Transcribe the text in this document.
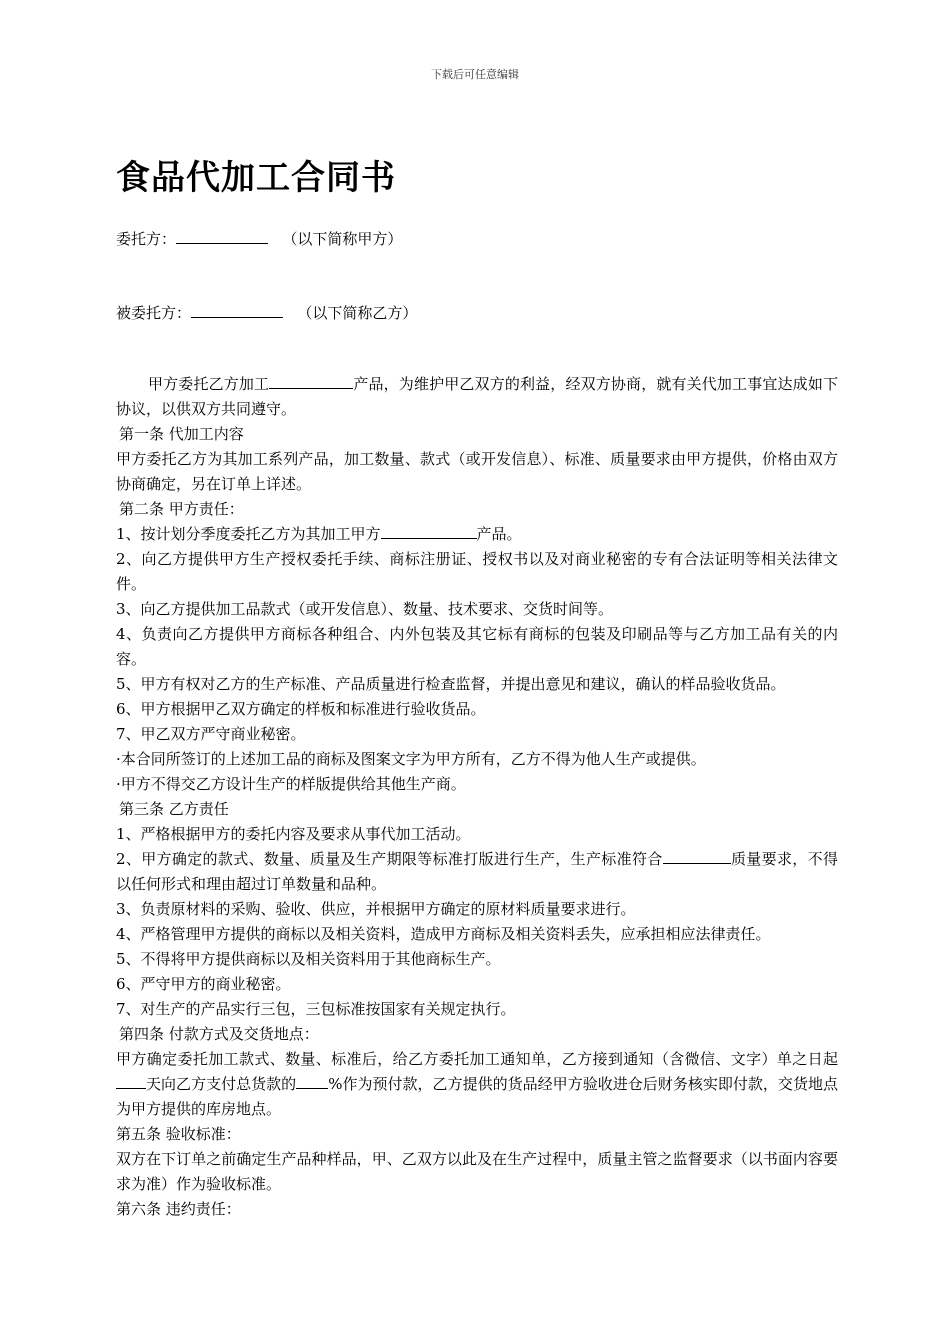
下载后可任意编辑
食品代加工合同书
委托方：	（以下简称甲方）
被委托方：	（以下简称乙方）

甲方委托乙方加工	产品，为维护甲乙双方的利益，经双方协商，就有关代加工事宜达成如下协议，以供双方共同遵守。

第一条 代加工内容

甲方委托乙方为其加工系列产品，加工数量、款式（或开发信息）、标准、质量要求由甲方提供，价格由双方协商确定，另在订单上详述。

第二条 甲方责任：

1、按计划分季度委托乙方为其加工甲方	产品。

2、向乙方提供甲方生产授权委托手续、商标注册证、授权书以及对商业秘密的专有合法证明等相关法律文件。

3、向乙方提供加工品款式（或开发信息）、数量、技术要求、交货时间等。

4、负责向乙方提供甲方商标各种组合、内外包装及其它标有商标的包装及印刷品等与乙方加工品有关的内容。

5、甲方有权对乙方的生产标准、产品质量进行检查监督，并提出意见和建议，确认的样品验收货品。

6、甲方根据甲乙双方确定的样板和标准进行验收货品。

7、甲乙双方严守商业秘密。

·本合同所签订的上述加工品的商标及图案文字为甲方所有，乙方不得为他人生产或提供。

·甲方不得交乙方设计生产的样版提供给其他生产商。

第三条 乙方责任

1、严格根据甲方的委托内容及要求从事代加工活动。

2、甲方确定的款式、数量、质量及生产期限等标准打版进行生产，生产标准符合	质量要求，不得以任何形式和理由超过订单数量和品种。

3、负责原材料的采购、验收、供应，并根据甲方确定的原材料质量要求进行。

4、严格管理甲方提供的商标以及相关资料，造成甲方商标及相关资料丢失，应承担相应法律责任。

5、不得将甲方提供商标以及相关资料用于其他商标生产。

6、严守甲方的商业秘密。

7、对生产的产品实行三包，三包标准按国家有关规定执行。

第四条 付款方式及交货地点：

甲方确定委托加工款式、数量、标准后，给乙方委托加工通知单，乙方接到通知（含微信、文字）单之日起天向乙方支付总货款的 %作为预付款，乙方提供的货品经甲方验收进仓后财务核实即付款，交货地点为甲方提供的库房地点。

第五条 验收标准：

双方在下订单之前确定生产品种样品，甲、乙双方以此及在生产过程中，质量主管之监督要求（以书面内容要求为准）作为验收标准。

第六条 违约责任：
